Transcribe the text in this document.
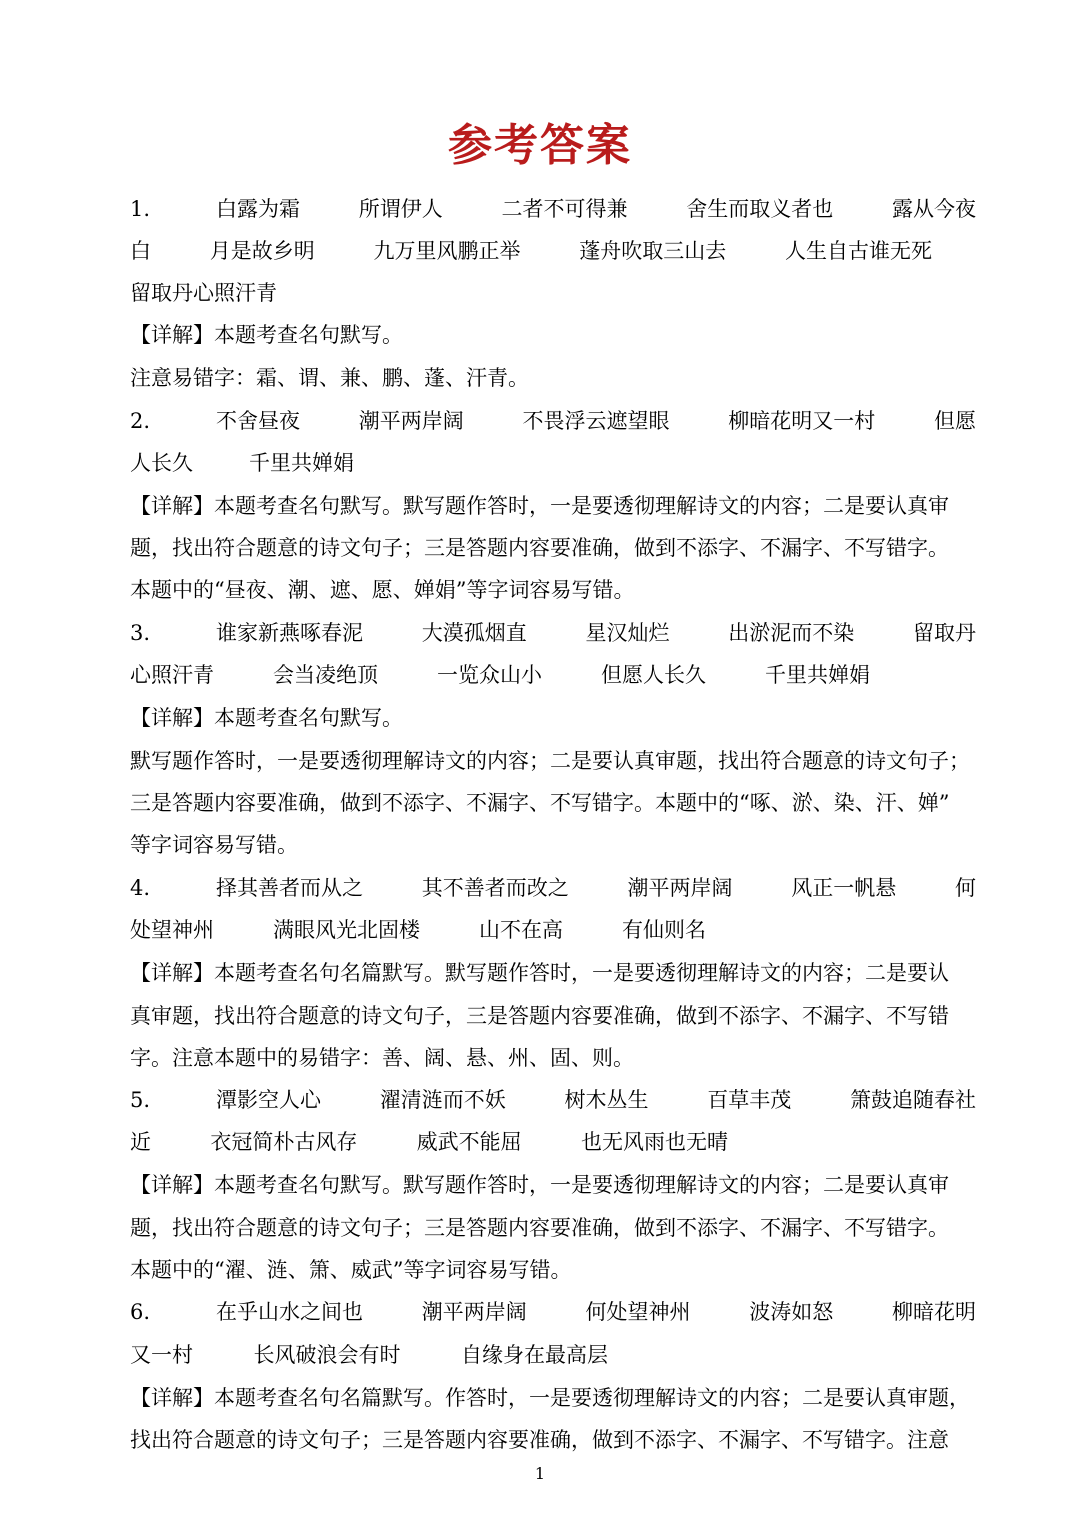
参考答案
1.	白露为霜	所谓伊人	二者不可得兼	舍生而取义者也	露从今夜
白	月是故乡明	九万里风鹏正举	蓬舟吹取三山去	人生自古谁无死
留取丹心照汗青
【详解】本题考查名句默写。
注意易错字：霜、谓、兼、鹏、蓬、汗青。
2.	不舍昼夜	潮平两岸阔	不畏浮云遮望眼	柳暗花明又一村	但愿
人长久	千里共婵娟
【详解】本题考查名句默写。默写题作答时，一是要透彻理解诗文的内容；二是要认真审
题，找出符合题意的诗文句子；三是答题内容要准确，做到不添字、不漏字、不写错字。
本题中的“昼夜、潮、遮、愿、婵娟”等字词容易写错。
3.	谁家新燕啄春泥	大漠孤烟直	星汉灿烂	出淤泥而不染	留取丹
心照汗青	会当凌绝顶	一览众山小	但愿人长久	千里共婵娟
【详解】本题考查名句默写。
默写题作答时，一是要透彻理解诗文的内容；二是要认真审题，找出符合题意的诗文句子；
三是答题内容要准确，做到不添字、不漏字、不写错字。本题中的“啄、淤、染、汗、婵”
等字词容易写错。
4.	择其善者而从之	其不善者而改之	潮平两岸阔	风正一帆悬	何
处望神州	满眼风光北固楼	山不在高	有仙则名
【详解】本题考查名句名篇默写。默写题作答时，一是要透彻理解诗文的内容；二是要认
真审题，找出符合题意的诗文句子，三是答题内容要准确，做到不添字、不漏字、不写错
字。注意本题中的易错字：善、阔、悬、州、固、则。
5.	潭影空人心	濯清涟而不妖	树木丛生	百草丰茂	箫鼓追随春社
近	衣冠简朴古风存	威武不能屈	也无风雨也无晴
【详解】本题考查名句默写。默写题作答时，一是要透彻理解诗文的内容；二是要认真审
题，找出符合题意的诗文句子；三是答题内容要准确，做到不添字、不漏字、不写错字。
本题中的“濯、涟、箫、威武”等字词容易写错。
6.	在乎山水之间也	潮平两岸阔	何处望神州	波涛如怒	柳暗花明
又一村	长风破浪会有时	自缘身在最高层
【详解】本题考查名句名篇默写。作答时，一是要透彻理解诗文的内容；二是要认真审题，
找出符合题意的诗文句子；三是答题内容要准确，做到不添字、不漏字、不写错字。注意
1
